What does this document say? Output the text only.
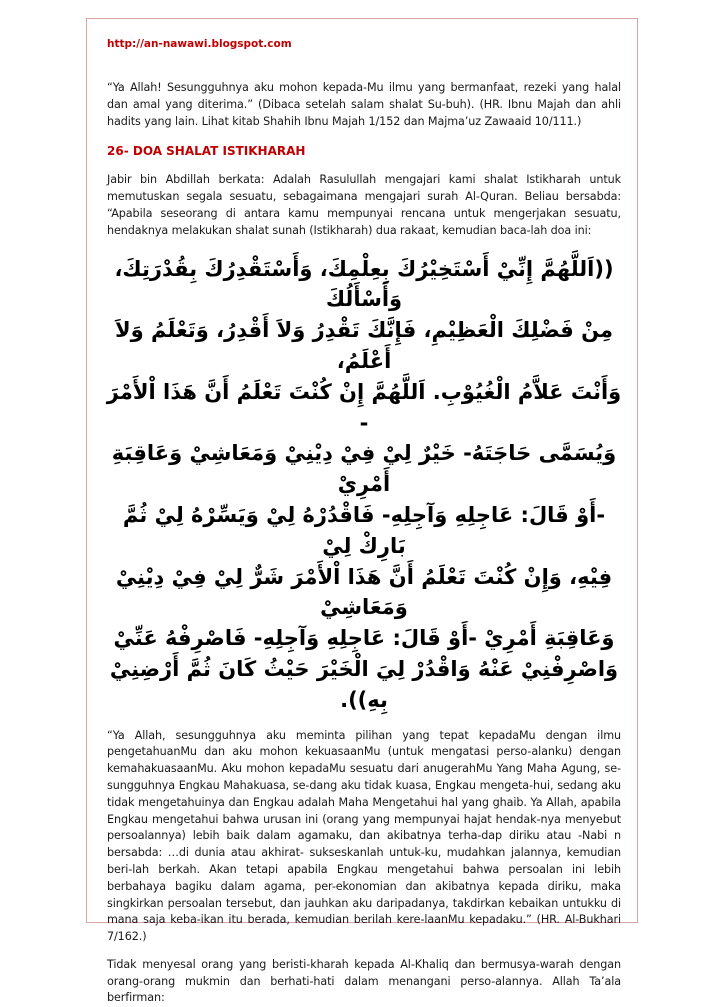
http://an-nawawi.blogspot.com

“Ya Allah! Sesungguhnya aku mohon kepada-Mu ilmu yang bermanfaat, rezeki yang halal dan amal yang diterima.” (Dibaca setelah salam shalat Su-buh). (HR. Ibnu Majah dan ahli hadits yang lain. Lihat kitab Shahih Ibnu Majah 1/152 dan Majma’uz Zawaaid 10/111.)

26- DOA SHALAT ISTIKHARAH

Jabir bin Abdillah berkata: Adalah Rasulullah mengajari kami shalat Istikharah untuk memutuskan segala sesuatu, sebagaimana mengajari surah Al-Quran. Beliau bersabda: “Apabila seseorang di antara kamu mempunyai rencana untuk mengerjakan sesuatu, hendaknya melakukan shalat sunah (Istikharah) dua rakaat, kemudian baca-lah doa ini:

((اَللَّهُمَّ إِنِّيْ أَسْتَخِيْرُكَ بِعِلْمِكَ، وَأَسْتَقْدِرُكَ بِقُدْرَتِكَ، وَأَسْأَلُكَ
مِنْ فَضْلِكَ الْعَظِيْمِ، فَإِنَّكَ تَقْدِرُ وَلاَ أَقْدِرُ، وَتَعْلَمُ وَلاَ أَعْلَمُ،
وَأَنْتَ عَلاَّمُ الْغُيُوْبِ. اَللَّهُمَّ إِنْ كُنْتَ تَعْلَمُ أَنَّ هَذَا اْلأَمْرَ -
وَيُسَمَّى حَاجَتَهُ- خَيْرٌ لِيْ فِيْ دِيْنِيْ وَمَعَاشِيْ وَعَاقِبَةِ أَمْرِيْ
-أَوْ قَالَ: عَاجِلِهِ وَآجِلِهِ- فَاقْدُرْهُ لِيْ وَيَسِّرْهُ لِيْ ثُمَّ بَارِكْ لِيْ
فِيْهِ، وَإِنْ كُنْتَ تَعْلَمُ أَنَّ هَذَا اْلأَمْرَ شَرٌّ لِيْ فِيْ دِيْنِيْ وَمَعَاشِيْ
وَعَاقِبَةِ أَمْرِيْ -أَوْ قَالَ: عَاجِلِهِ وَآجِلِهِ- فَاصْرِفْهُ عَنِّيْ
وَاصْرِفْنِيْ عَنْهُ وَاقْدُرْ لِيَ الْخَيْرَ حَيْثُ كَانَ ثُمَّ أَرْضِنِيْ بِهِ)).

“Ya Allah, sesungguhnya aku meminta pilihan yang tepat kepadaMu dengan ilmu pengetahuanMu dan aku mohon kekuasaanMu (untuk mengatasi perso-alanku) dengan kemahakuasaanMu. Aku mohon kepadaMu sesuatu dari anugerahMu Yang Maha Agung, se-sungguhnya Engkau Mahakuasa, se-dang aku tidak kuasa, Engkau mengeta-hui, sedang aku tidak mengetahuinya dan Engkau adalah Maha Mengetahui hal yang ghaib. Ya Allah, apabila Engkau mengetahui bahwa urusan ini (orang yang mempunyai hajat hendak-nya menyebut persoalannya) lebih baik dalam agamaku, dan akibatnya terha-dap diriku atau -Nabi n bersabda: …di dunia atau akhirat- sukseskanlah untuk-ku, mudahkan jalannya, kemudian beri-lah berkah. Akan tetapi apabila Engkau mengetahui bahwa persoalan ini lebih berbahaya bagiku dalam agama, per-ekonomian dan akibatnya kepada diriku, maka singkirkan persoalan tersebut, dan jauhkan aku daripadanya, takdirkan kebaikan untukku di mana saja keba-ikan itu berada, kemudian berilah kere-laanMu kepadaku.” (HR. Al-Bukhari 7/162.)

Tidak menyesal orang yang beristi-kharah kepada Al-Khaliq dan bermusya-warah dengan orang-orang mukmin dan berhati-hati dalam menangani perso-alannya. Allah Ta’ala berfirman:
